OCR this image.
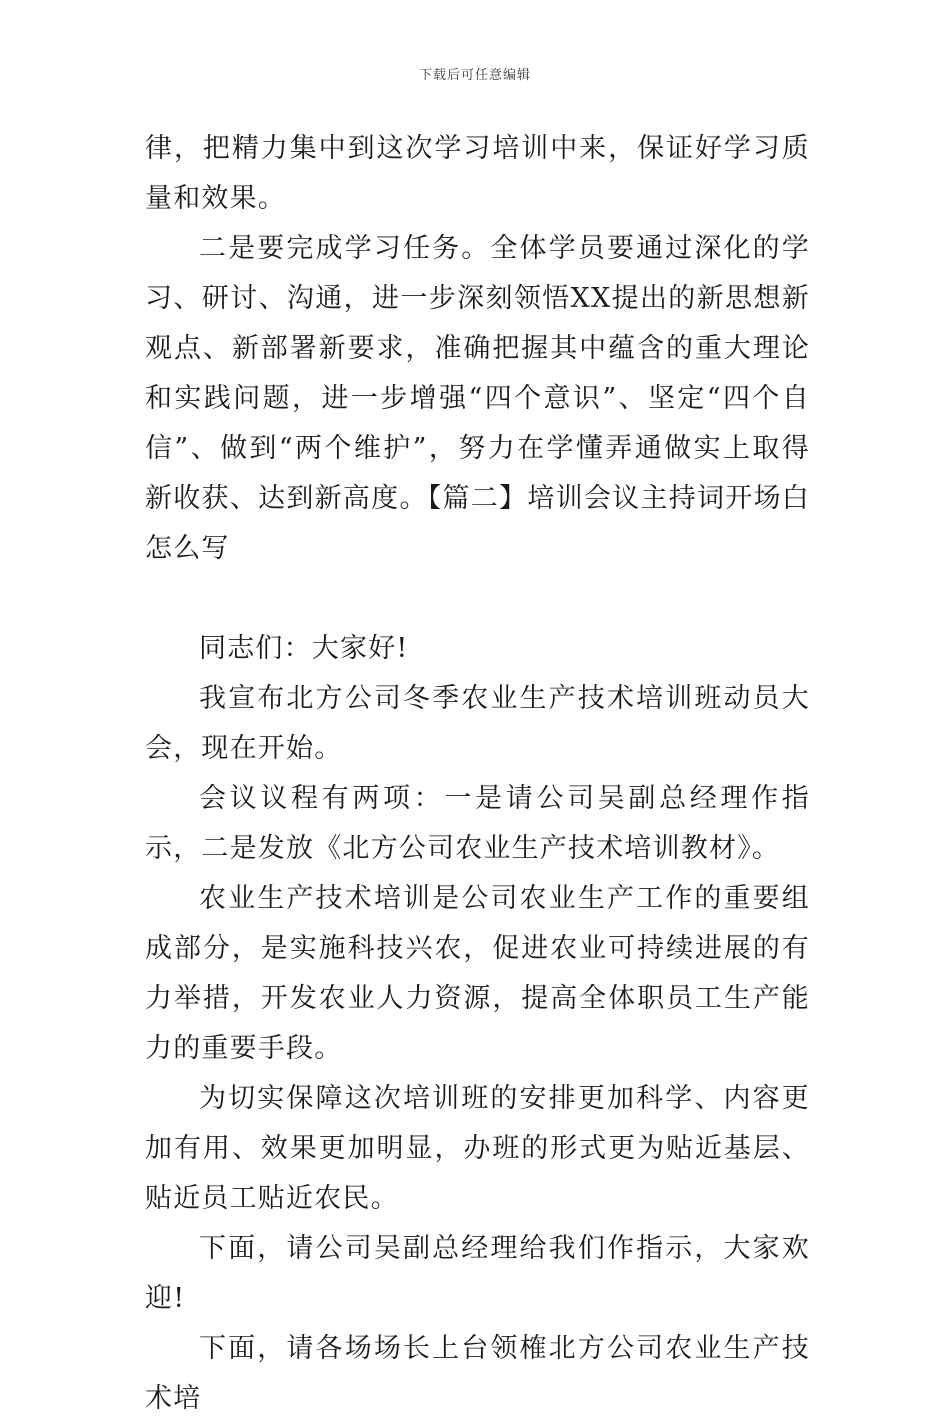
下载后可任意编辑

律，把精力集中到这次学习培训中来，保证好学习质量和效果。

二是要完成学习任务。全体学员要通过深化的学习、研讨、沟通，进一步深刻领悟XX提出的新思想新观点、新部署新要求，准确把握其中蕴含的重大理论和实践问题，进一步增强“四个意识”、坚定“四个自信”、做到“两个维护”，努力在学懂弄通做实上取得新收获、达到新高度。【篇二】培训会议主持词开场白怎么写

同志们：大家好!

我宣布北方公司冬季农业生产技术培训班动员大会，现在开始。

会议议程有两项：一是请公司吴副总经理作指示，二是发放《北方公司农业生产技术培训教材》。

农业生产技术培训是公司农业生产工作的重要组成部分，是实施科技兴农，促进农业可持续进展的有力举措，开发农业人力资源，提高全体职员工生产能力的重要手段。

为切实保障这次培训班的安排更加科学、内容更加有用、效果更加明显，办班的形式更为贴近基层、贴近员工贴近农民。

下面，请公司吴副总经理给我们作指示，大家欢迎!

下面，请各场场长上台领榷北方公司农业生产技术培
